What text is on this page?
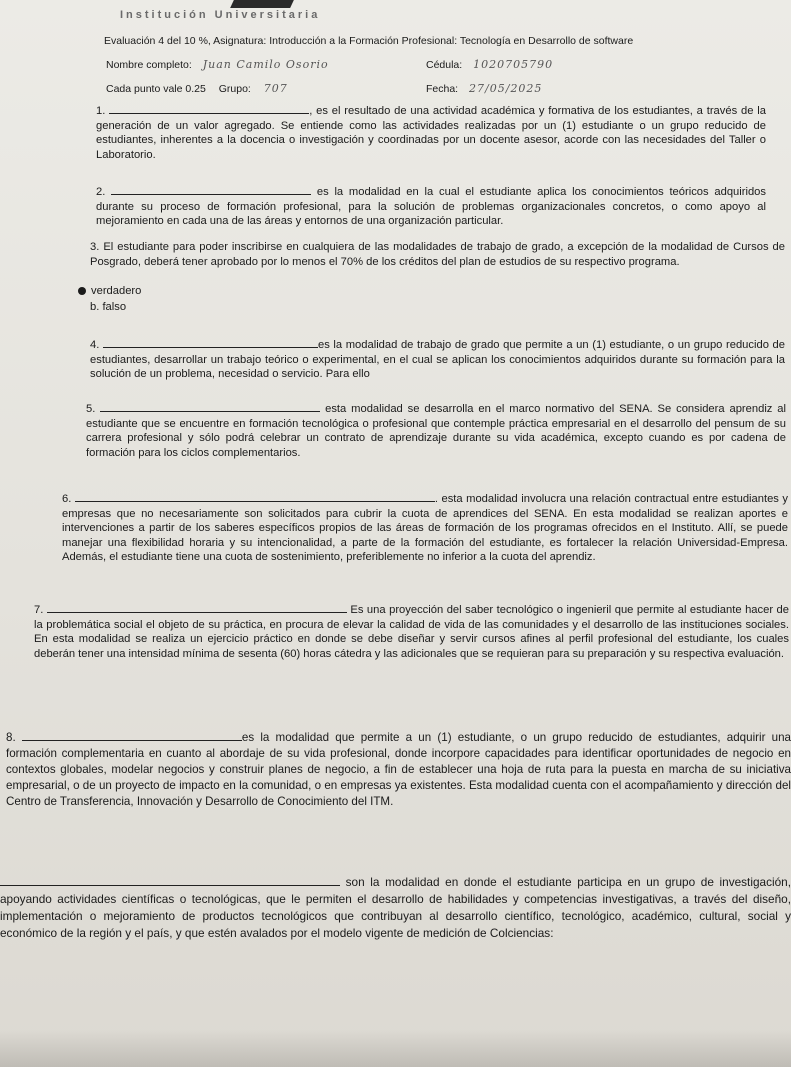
Institución Universitaria
Evaluación 4 del 10 %, Asignatura: Introducción a la Formación Profesional: Tecnología en Desarrollo de software
Nombre completo: Juan Camilo Osorio	Cédula: 1020705790
Cada punto vale 0.25 Grupo: 707	Fecha: 27/05/2025
1.	, es el resultado de una actividad académica y formativa de los estudiantes, a través de la generación de un valor agregado. Se entiende como las actividades realizadas por un (1) estudiante o un grupo reducido de estudiantes, inherentes a la docencia o investigación y coordinadas por un docente asesor, acorde con las necesidades del Taller o Laboratorio.
2.	es la modalidad en la cual el estudiante aplica los conocimientos teóricos adquiridos durante su proceso de formación profesional, para la solución de problemas organizacionales concretos, o como apoyo al mejoramiento en cada una de las áreas y entornos de una organización particular.
3. El estudiante para poder inscribirse en cualquiera de las modalidades de trabajo de grado, a excepción de la modalidad de Cursos de Posgrado, deberá tener aprobado por lo menos el 70% de los créditos del plan de estudios de su respectivo programa.
verdadero
b. falso
4.	es la modalidad de trabajo de grado que permite a un (1) estudiante, o un grupo reducido de estudiantes, desarrollar un trabajo teórico o experimental, en el cual se aplican los conocimientos adquiridos durante su formación para la solución de un problema, necesidad o servicio. Para ello
5.	esta modalidad se desarrolla en el marco normativo del SENA. Se considera aprendiz al estudiante que se encuentre en formación tecnológica o profesional que contemple práctica empresarial en el desarrollo del pensum de su carrera profesional y sólo podrá celebrar un contrato de aprendizaje durante su vida académica, excepto cuando es por cadena de formación para los ciclos complementarios.
6.	. esta modalidad involucra una relación contractual entre estudiantes y empresas que no necesariamente son solicitados para cubrir la cuota de aprendices del SENA. En esta modalidad se realizan aportes e intervenciones a partir de los saberes específicos propios de las áreas de formación de los programas ofrecidos en el Instituto. Allí, se puede manejar una flexibilidad horaria y su intencionalidad, a parte de la formación del estudiante, es fortalecer la relación Universidad-Empresa. Además, el estudiante tiene una cuota de sostenimiento, preferiblemente no inferior a la cuota del aprendiz.
7.	Es una proyección del saber tecnológico o ingenieril que permite al estudiante hacer de la problemática social el objeto de su práctica, en procura de elevar la calidad de vida de las comunidades y el desarrollo de las instituciones sociales. En esta modalidad se realiza un ejercicio práctico en donde se debe diseñar y servir cursos afines al perfil profesional del estudiante, los cuales deberán tener una intensidad mínima de sesenta (60) horas cátedra y las adicionales que se requieran para su preparación y su respectiva evaluación.
8.	es la modalidad que permite a un (1) estudiante, o un grupo reducido de estudiantes, adquirir una formación complementaria en cuanto al abordaje de su vida profesional, donde incorpore capacidades para identificar oportunidades de negocio en contextos globales, modelar negocios y construir planes de negocio, a fin de establecer una hoja de ruta para la puesta en marcha de su iniciativa empresarial, o de un proyecto de impacto en la comunidad, o en empresas ya existentes. Esta modalidad cuenta con el acompañamiento y dirección del Centro de Transferencia, Innovación y Desarrollo de Conocimiento del ITM.
son la modalidad en donde el estudiante participa en un grupo de investigación, apoyando actividades científicas o tecnológicas, que le permiten el desarrollo de habilidades y competencias investigativas, a través del diseño, implementación o mejoramiento de productos tecnológicos que contribuyan al desarrollo científico, tecnológico, académico, cultural, social y económico de la región y el país, y que estén avalados por el modelo vigente de medición de Colciencias:
